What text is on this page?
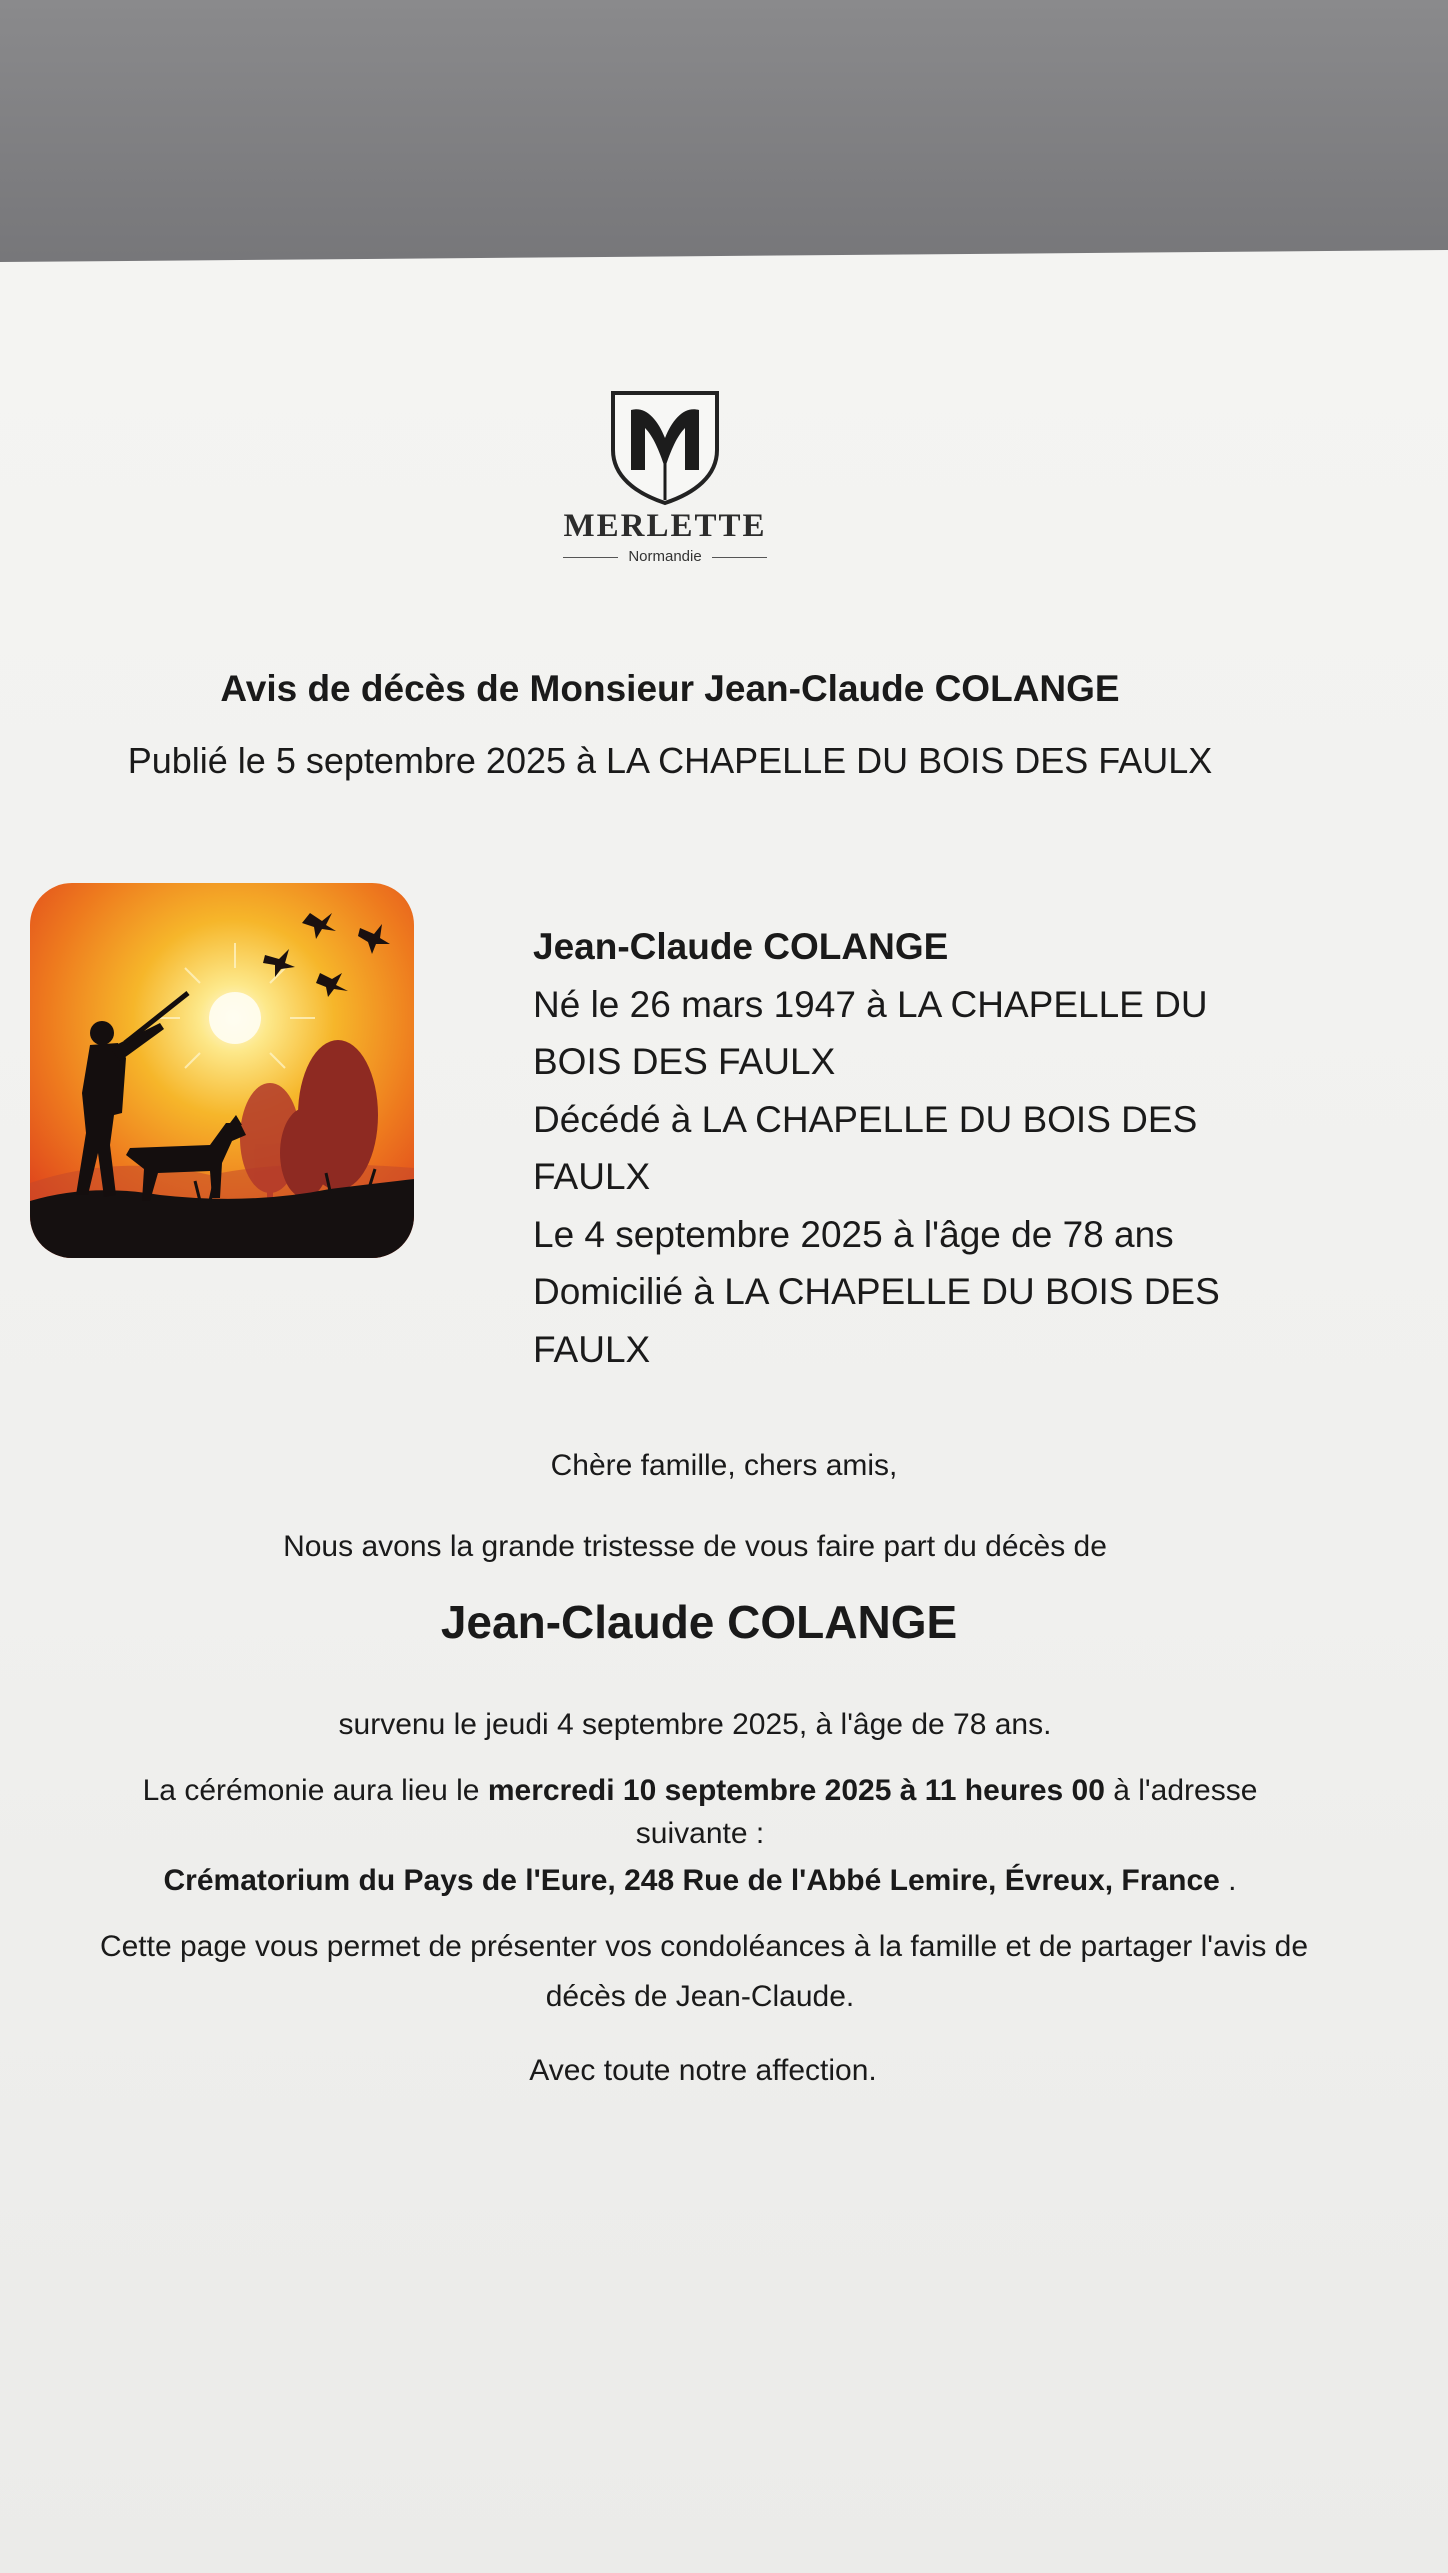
MERLETTE
Normandie
Avis de décès de Monsieur Jean-Claude COLANGE
Publié le 5 septembre 2025 à LA CHAPELLE DU BOIS DES FAULX
Jean-Claude COLANGE
Né le 26 mars 1947 à LA CHAPELLE DU
BOIS DES FAULX
Décédé à LA CHAPELLE DU BOIS DES
FAULX
Le 4 septembre 2025 à l'âge de 78 ans
Domicilié à LA CHAPELLE DU BOIS DES
FAULX
Chère famille, chers amis,
Nous avons la grande tristesse de vous faire part du décès de
Jean-Claude COLANGE
survenu le jeudi 4 septembre 2025, à l'âge de 78 ans.
La cérémonie aura lieu le mercredi 10 septembre 2025 à 11 heures 00 à l'adresse
suivante :
Crématorium du Pays de l'Eure, 248 Rue de l'Abbé Lemire, Évreux, France .
Cette page vous permet de présenter vos condoléances à la famille et de partager l'avis de
décès de Jean-Claude.
Avec toute notre affection.
